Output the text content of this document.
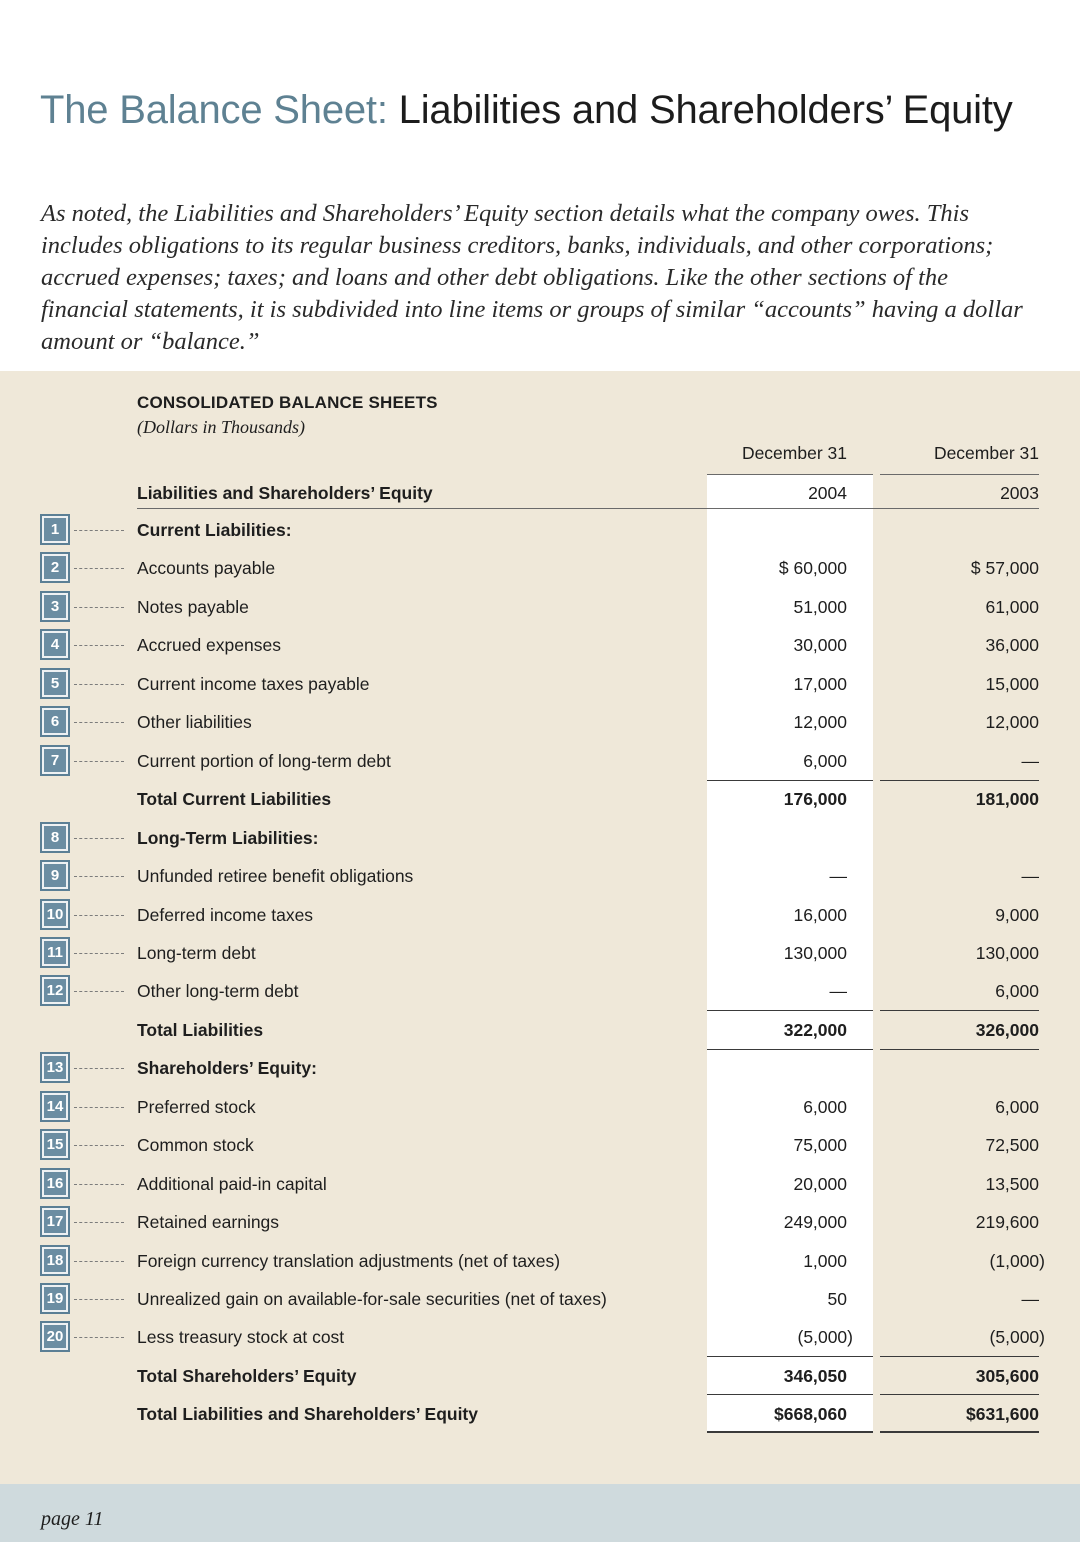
The Balance Sheet: Liabilities and Shareholders’ Equity

As noted, the Liabilities and Shareholders’ Equity section details what the company owes. This includes obligations to its regular business creditors, banks, individuals, and other corporations; accrued expenses; taxes; and loans and other debt obligations. Like the other sections of the financial statements, it is subdivided into line items or groups of similar “accounts” having a dollar amount or “balance.”

CONSOLIDATED BALANCE SHEETS
(Dollars in Thousands)
December 31	December 31
Liabilities and Shareholders’ Equity	2004	2003
1	Current Liabilities:
2	Accounts payable	$ 60,000	$ 57,000
3	Notes payable	51,000	61,000
4	Accrued expenses	30,000	36,000
5	Current income taxes payable	17,000	15,000
6	Other liabilities	12,000	12,000
7	Current portion of long-term debt	6,000	—
Total Current Liabilities	176,000	181,000
8	Long-Term Liabilities:
9	Unfunded retiree benefit obligations	—	—
10	Deferred income taxes	16,000	9,000
11	Long-term debt	130,000	130,000
12	Other long-term debt	—	6,000
Total Liabilities	322,000	326,000
13	Shareholders’ Equity:
14	Preferred stock	6,000	6,000
15	Common stock	75,000	72,500
16	Additional paid-in capital	20,000	13,500
17	Retained earnings	249,000	219,600
18	Foreign currency translation adjustments (net of taxes)	1,000	(1,000)
19	Unrealized gain on available-for-sale securities (net of taxes)	50	—
20	Less treasury stock at cost	(5,000)	(5,000)
Total Shareholders’ Equity	346,050	305,600
Total Liabilities and Shareholders’ Equity	$668,060	$631,600
page 11
